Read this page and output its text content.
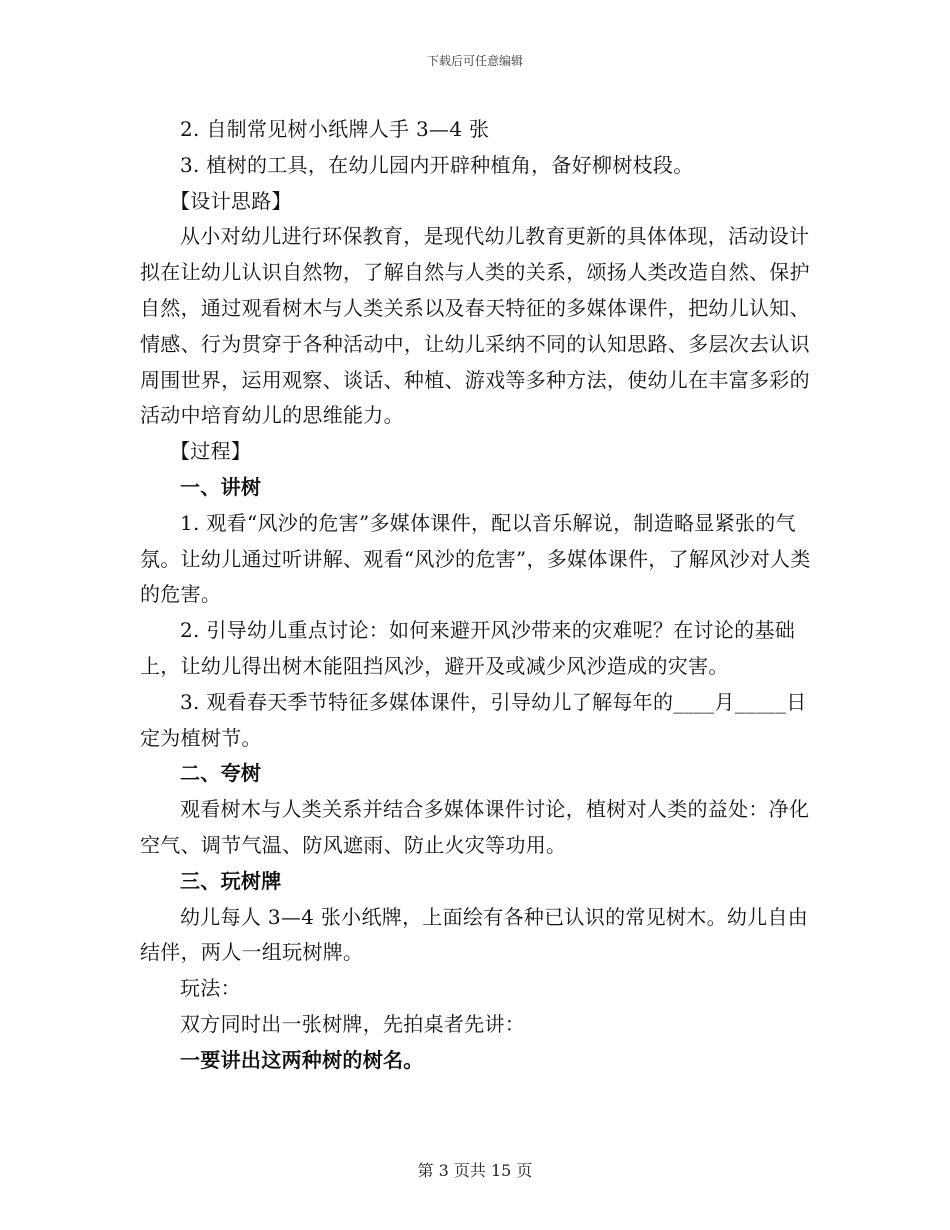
下载后可任意编辑

2. 自制常见树小纸牌人手 3—4 张

3. 植树的工具，在幼儿园内开辟种植角，备好柳树枝段。

【设计思路】

从小对幼儿进行环保教育，是现代幼儿教育更新的具体体现，活动设计拟在让幼儿认识自然物，了解自然与人类的关系，颂扬人类改造自然、保护自然，通过观看树木与人类关系以及春天特征的多媒体课件，把幼儿认知、情感、行为贯穿于各种活动中，让幼儿采纳不同的认知思路、多层次去认识周围世界，运用观察、谈话、种植、游戏等多种方法，使幼儿在丰富多彩的活动中培育幼儿的思维能力。

【过程】

一、讲树

1. 观看“风沙的危害”多媒体课件，配以音乐解说，制造略显紧张的气氛。让幼儿通过听讲解、观看“风沙的危害”，多媒体课件，了解风沙对人类的危害。

2. 引导幼儿重点讨论：如何来避开风沙带来的灾难呢？在讨论的基础上，让幼儿得出树木能阻挡风沙，避开及或减少风沙造成的灾害。

3. 观看春天季节特征多媒体课件，引导幼儿了解每年的____月_____日定为植树节。

二、夸树

观看树木与人类关系并结合多媒体课件讨论，植树对人类的益处：净化空气、调节气温、防风遮雨、防止火灾等功用。

三、玩树牌

幼儿每人 3—4 张小纸牌，上面绘有各种已认识的常见树木。幼儿自由结伴，两人一组玩树牌。

玩法：

双方同时出一张树牌，先拍桌者先讲：

一要讲出这两种树的树名。

第 3 页共 15 页
